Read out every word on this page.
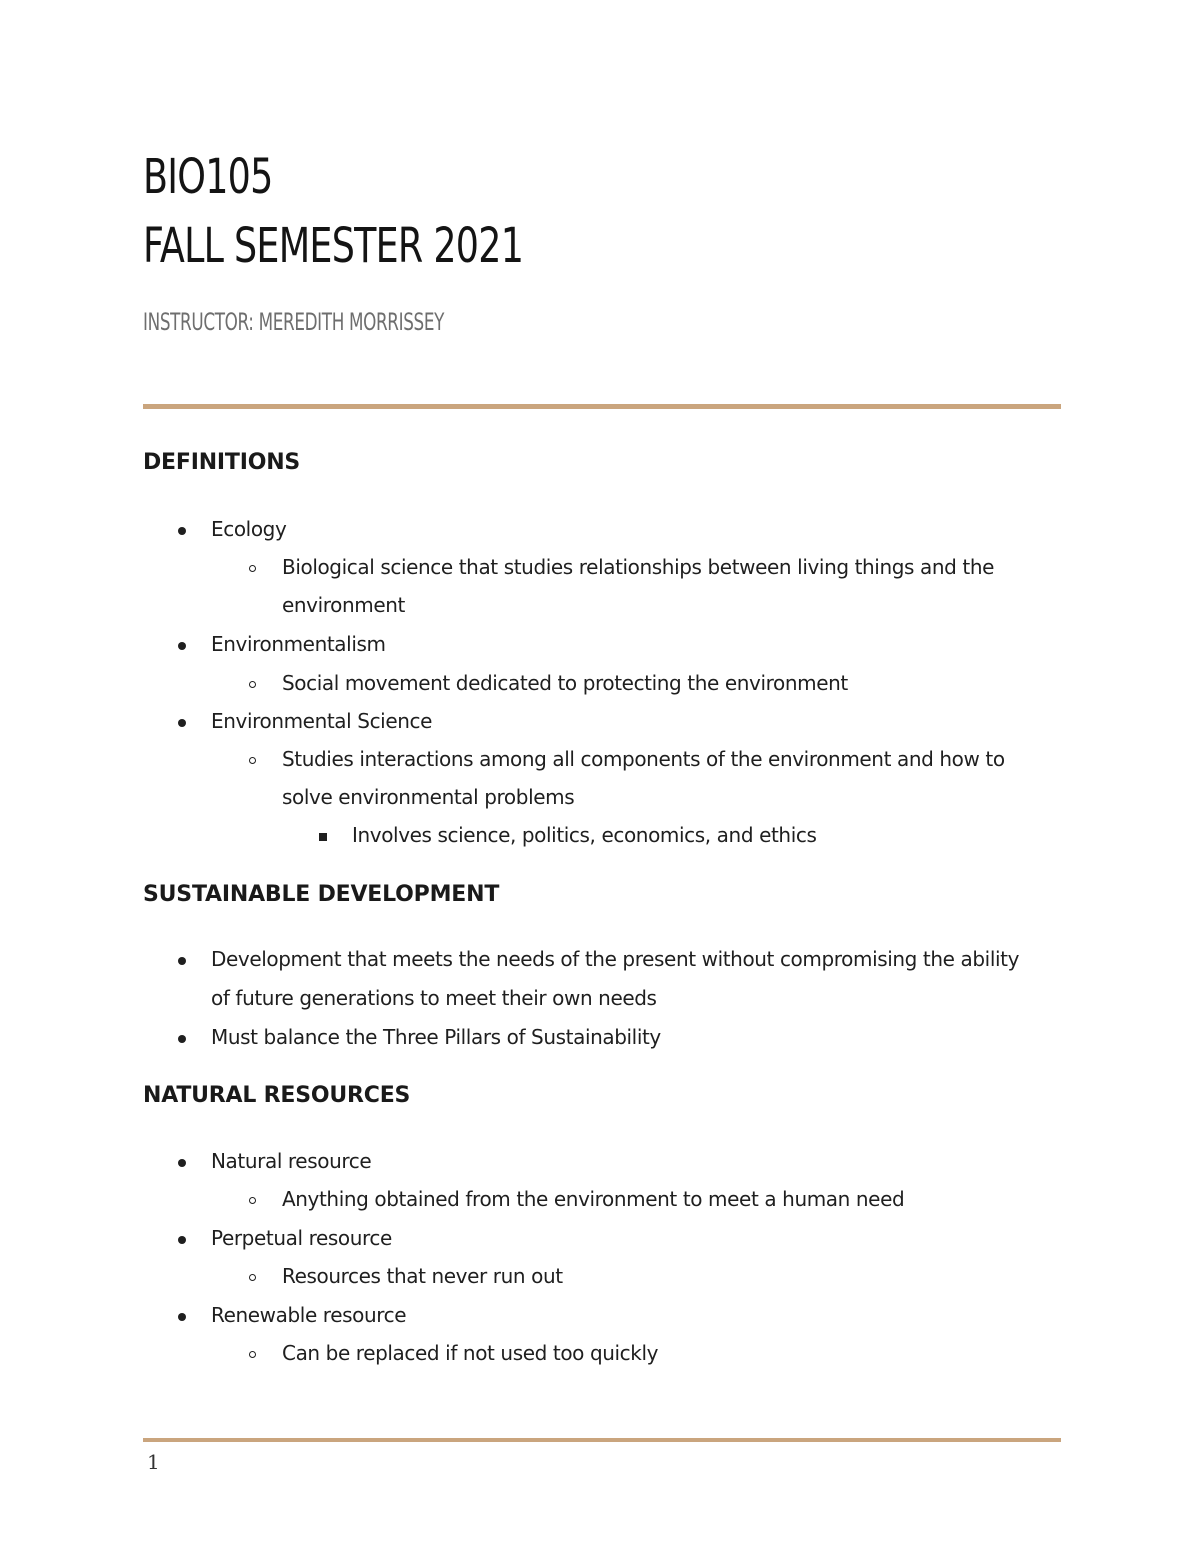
BIO105
FALL SEMESTER 2021

INSTRUCTOR: MEREDITH MORRISSEY

DEFINITIONS
Ecology
Biological science that studies relationships between living things and the
environment
Environmentalism
Social movement dedicated to protecting the environment
Environmental Science
Studies interactions among all components of the environment and how to
solve environmental problems
Involves science, politics, economics, and ethics
SUSTAINABLE DEVELOPMENT
Development that meets the needs of the present without compromising the ability
of future generations to meet their own needs
Must balance the Three Pillars of Sustainability
NATURAL RESOURCES
Natural resource
Anything obtained from the environment to meet a human need
Perpetual resource
Resources that never run out
Renewable resource
Can be replaced if not used too quickly
1
